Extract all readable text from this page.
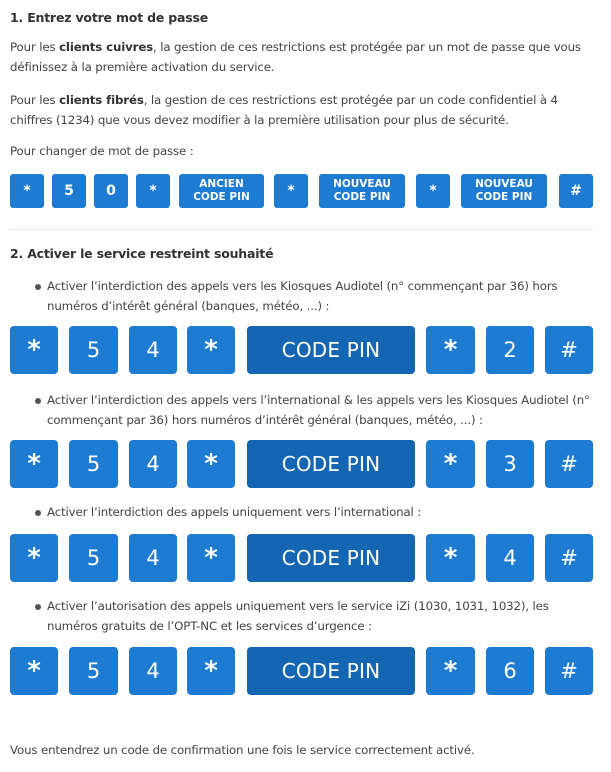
1. Entrez votre mot de passe
Pour les clients cuivres, la gestion de ces restrictions est protégée par un mot de passe que vous définissez à la première activation du service.
Pour les clients fibrés, la gestion de ces restrictions est protégée par un code confidentiel à 4 chiffres (1234) que vous devez modifier à la première utilisation pour plus de sécurité.
Pour changer de mot de passe :
*	5	0	*	ANCIEN
CODE PIN	*	NOUVEAU
CODE PIN	*	NOUVEAU
CODE PIN	#
2. Activer le service restreint souhaité
Activer l’interdiction des appels vers les Kiosques Audiotel (n° commençant par 36) hors numéros d’intérêt général (banques, météo, ...) :
*	5	4	*	CODE PIN	*	2	#
Activer l’interdiction des appels vers l’international & les appels vers les Kiosques Audiotel (n° commençant par 36) hors numéros d’intérêt général (banques, météo, ...) :
*	5	4	*	CODE PIN	*	3	#
Activer l’interdiction des appels uniquement vers l’international :
*	5	4	*	CODE PIN	*	4	#
Activer l’autorisation des appels uniquement vers le service iZi (1030, 1031, 1032), les numéros gratuits de l’OPT-NC et les services d’urgence :
*	5	4	*	CODE PIN	*	6	#
Vous entendrez un code de confirmation une fois le service correctement activé.
